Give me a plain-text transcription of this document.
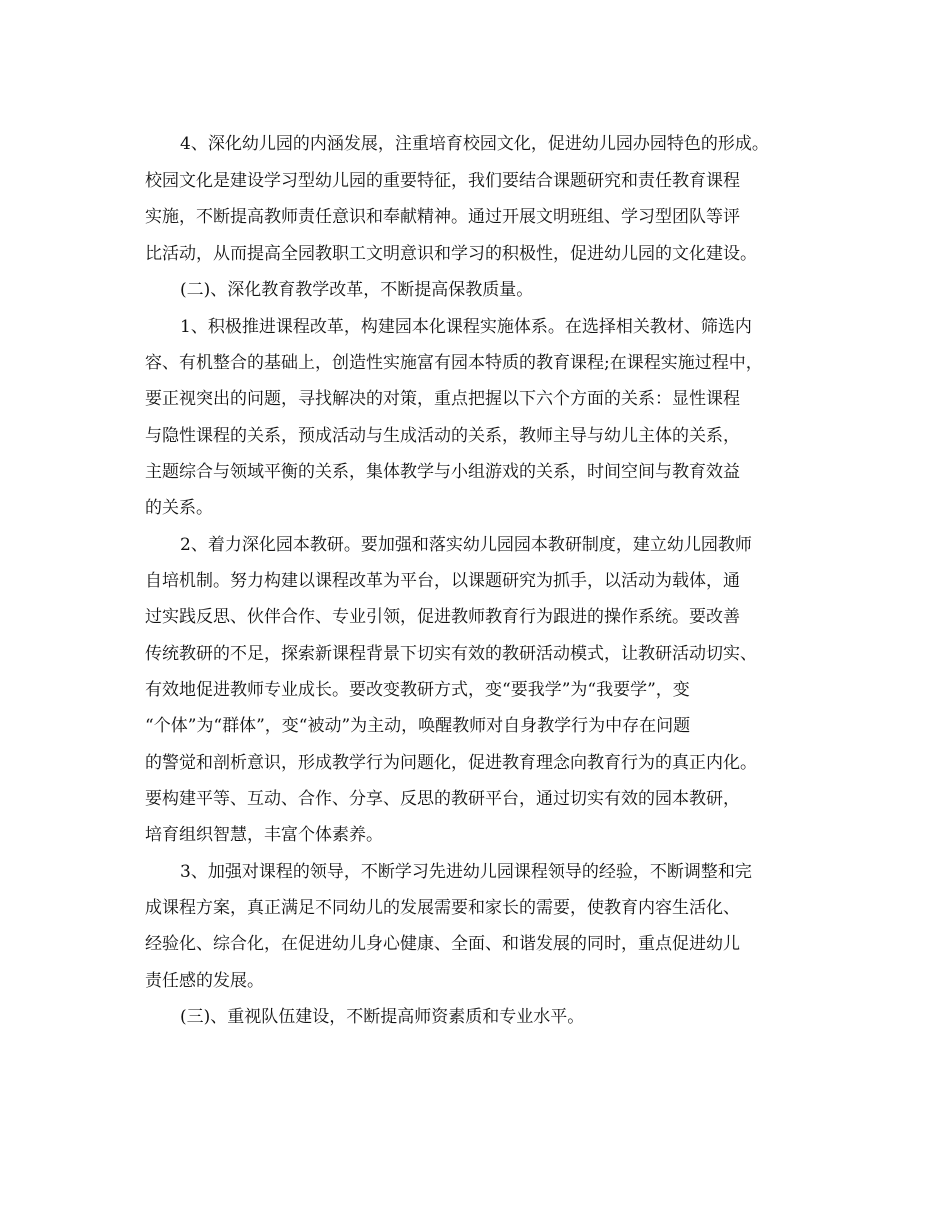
4、深化幼儿园的内涵发展，注重培育校园文化，促进幼儿园办园特色的形成。
校园文化是建设学习型幼儿园的重要特征，我们要结合课题研究和责任教育课程
实施，不断提高教师责任意识和奉献精神。通过开展文明班组、学习型团队等评
比活动，从而提高全园教职工文明意识和学习的积极性，促进幼儿园的文化建设。
(二)、深化教育教学改革，不断提高保教质量。
1、积极推进课程改革，构建园本化课程实施体系。在选择相关教材、筛选内
容、有机整合的基础上，创造性实施富有园本特质的教育课程;在课程实施过程中，
要正视突出的问题，寻找解决的对策，重点把握以下六个方面的关系：显性课程
与隐性课程的关系，预成活动与生成活动的关系，教师主导与幼儿主体的关系，
主题综合与领域平衡的关系，集体教学与小组游戏的关系，时间空间与教育效益
的关系。
2、着力深化园本教研。要加强和落实幼儿园园本教研制度，建立幼儿园教师
自培机制。努力构建以课程改革为平台，以课题研究为抓手，以活动为载体，通
过实践反思、伙伴合作、专业引领，促进教师教育行为跟进的操作系统。要改善
传统教研的不足，探索新课程背景下切实有效的教研活动模式，让教研活动切实、
有效地促进教师专业成长。要改变教研方式，变“要我学”为“我要学”，变
“个体”为“群体”，变“被动”为主动，唤醒教师对自身教学行为中存在问题
的警觉和剖析意识，形成教学行为问题化，促进教育理念向教育行为的真正内化。
要构建平等、互动、合作、分享、反思的教研平台，通过切实有效的园本教研，
培育组织智慧，丰富个体素养。
3、加强对课程的领导，不断学习先进幼儿园课程领导的经验，不断调整和完
成课程方案，真正满足不同幼儿的发展需要和家长的需要，使教育内容生活化、
经验化、综合化，在促进幼儿身心健康、全面、和谐发展的同时，重点促进幼儿
责任感的发展。
(三)、重视队伍建设，不断提高师资素质和专业水平。
